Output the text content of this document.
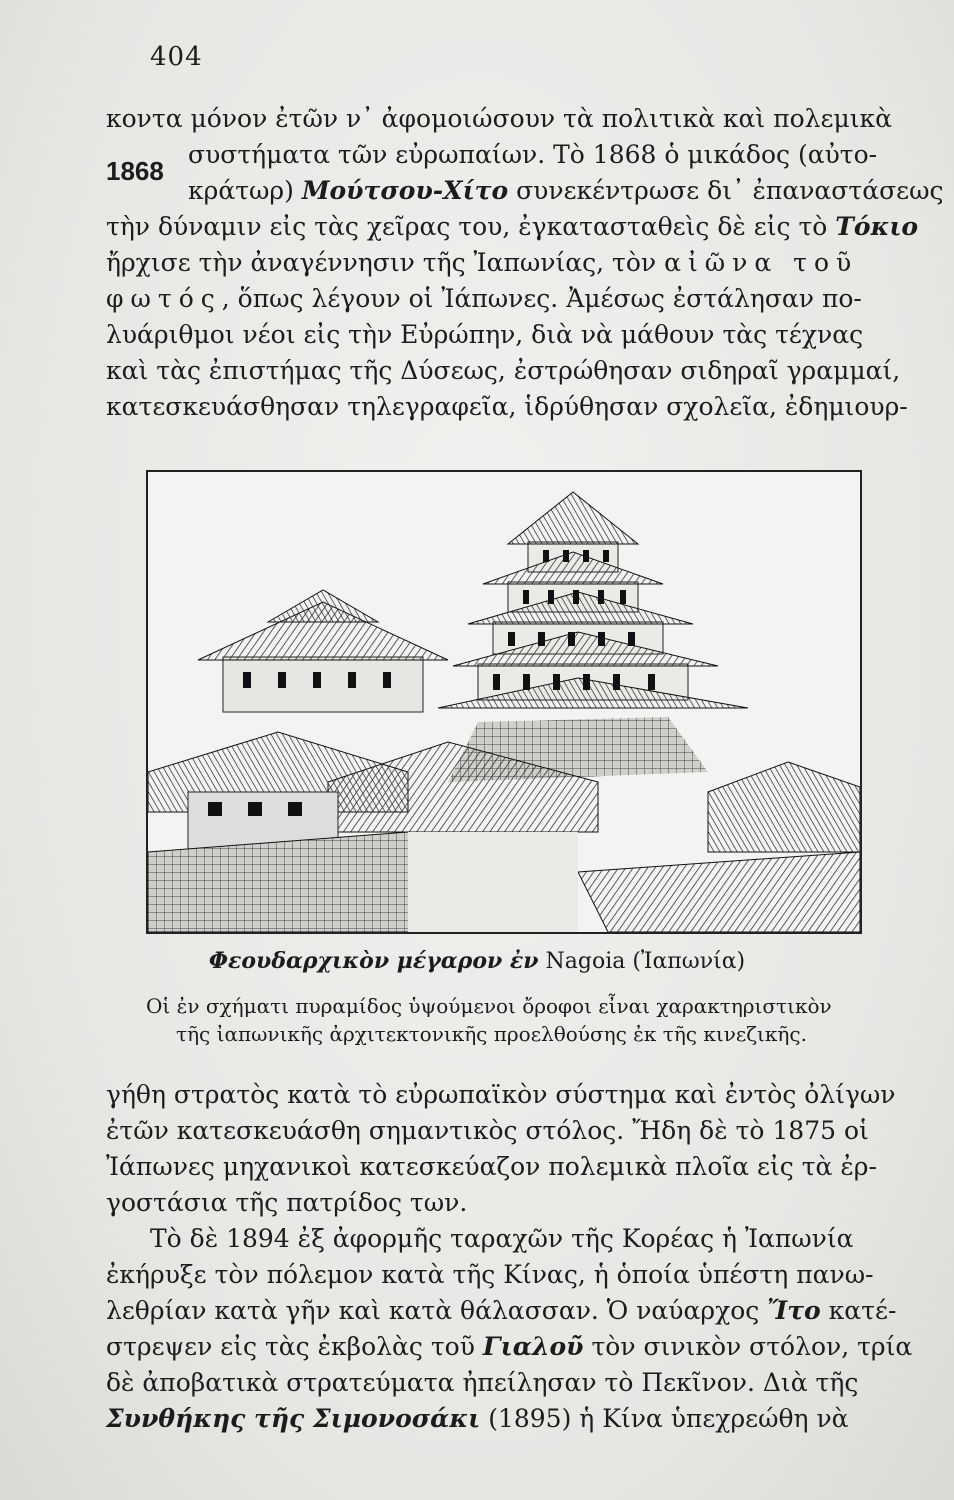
404
1868
κοντα μόνον ἐτῶν ν᾽ ἀφομοιώσουν τὰ πολιτικὰ καὶ πολεμικὰ
συστήματα τῶν εὐρωπαίων. Τὸ 1868 ὁ μικάδος (αὐτο-
κράτωρ) Μούτσου-Χίτο συνεκέντρωσε δι᾽ ἐπαναστάσεως
τὴν δύναμιν εἰς τὰς χεῖρας του, ἐγκατασταθεὶς δὲ εἰς τὸ Τόκιο
ἤρχισε τὴν ἀναγέννησιν τῆς Ἰαπωνίας, τὸν αἰῶνα τοῦ
φωτός, ὅπως λέγουν οἱ Ἰάπωνες. Ἀμέσως ἐστάλησαν πο-
λυάριθμοι νέοι εἰς τὴν Εὐρώπην, διὰ νὰ μάθουν τὰς τέχνας
καὶ τὰς ἐπιστήμας τῆς Δύσεως, ἐστρώθησαν σιδηραῖ γραμμαί,
κατεσκευάσθησαν τηλεγραφεῖα, ἱδρύθησαν σχολεῖα, ἐδημιουρ-
Φεουδαρχικὸν μέγαρον ἐν Nagoia (Ἰαπωνία)
Οἱ ἐν σχήματι πυραμίδος ὑψούμενοι ὄροφοι εἶναι χαρακτηριστικὸν
τῆς ἰαπωνικῆς ἀρχιτεκτονικῆς προελθούσης ἐκ τῆς κινεζικῆς.
γήθη στρατὸς κατὰ τὸ εὐρωπαϊκὸν σύστημα καὶ ἐντὸς ὀλίγων
ἐτῶν κατεσκευάσθη σημαντικὸς στόλος. Ἤδη δὲ τὸ 1875 οἱ
Ἰάπωνες μηχανικοὶ κατεσκεύαζον πολεμικὰ πλοῖα εἰς τὰ ἐρ-
γοστάσια τῆς πατρίδος των.
Τὸ δὲ 1894 ἐξ ἀφορμῆς ταραχῶν τῆς Κορέας ἡ Ἰαπωνία
ἐκήρυξε τὸν πόλεμον κατὰ τῆς Κίνας, ἡ ὁποία ὑπέστη πανω-
λεθρίαν κατὰ γῆν καὶ κατὰ θάλασσαν. Ὁ ναύαρχος Ἴτο κατέ-
στρεψεν εἰς τὰς ἐκβολὰς τοῦ Γιαλοῦ τὸν σινικὸν στόλον, τρία
δὲ ἀποβατικὰ στρατεύματα ἠπείλησαν τὸ Πεκῖνον. Διὰ τῆς
Συνθήκης τῆς Σιμονοσάκι (1895) ἡ Κίνα ὑπεχρεώθη νὰ
